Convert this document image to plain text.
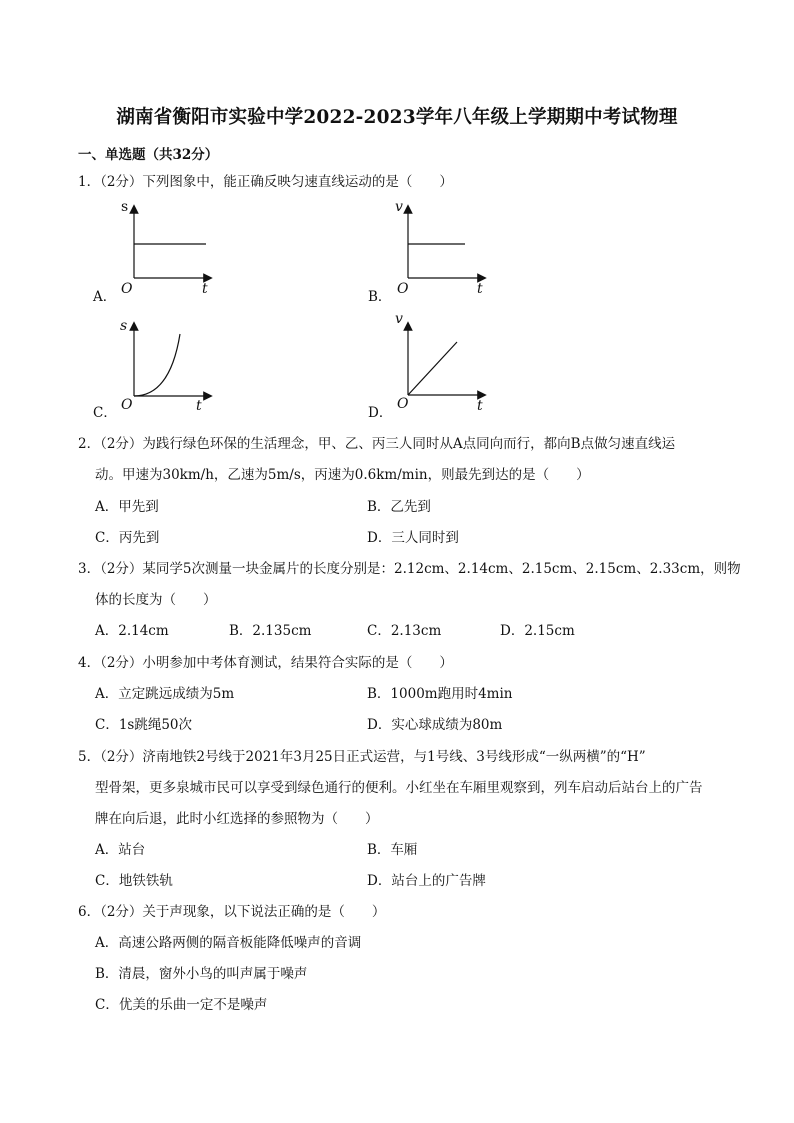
湖南省衡阳市实验中学2022-2023学年八年级上学期期中考试物理
一、单选题（共32分）
1．（2分）下列图象中，能正确反映匀速直线运动的是（　　）
A．
s
O	t	B．
v
O	t
C．
s
O	t	D．
v
O	t
2．（2分）为践行绿色环保的生活理念，甲、乙、丙三人同时从A点同向而行，都向B点做匀速直线运
动。甲速为30km/h，乙速为5m/s，丙速为0.6km/min，则最先到达的是（　　）
A．甲先到	B．乙先到
C．丙先到	D．三人同时到
3．（2分）某同学5次测量一块金属片的长度分别是：2.12cm、2.14cm、2.15cm、2.15cm、2.33cm，则物
体的长度为（　　）
A．2.14cm	B．2.135cm	C．2.13cm	D．2.15cm
4．（2分）小明参加中考体育测试，结果符合实际的是（　　）
A．立定跳远成绩为5m	B．1000m跑用时4min
C．1s跳绳50次	D．实心球成绩为80m
5．（2分）济南地铁2号线于2021年3月25日正式运营，与1号线、3号线形成“一纵两横”的“H”
型骨架，更多泉城市民可以享受到绿色通行的便利。小红坐在车厢里观察到，列车启动后站台上的广告
牌在向后退，此时小红选择的参照物为（　　）
A．站台	B．车厢
C．地铁铁轨	D．站台上的广告牌
6．（2分）关于声现象，以下说法正确的是（　　）
A．高速公路两侧的隔音板能降低噪声的音调
B．清晨，窗外小鸟的叫声属于噪声
C．优美的乐曲一定不是噪声
